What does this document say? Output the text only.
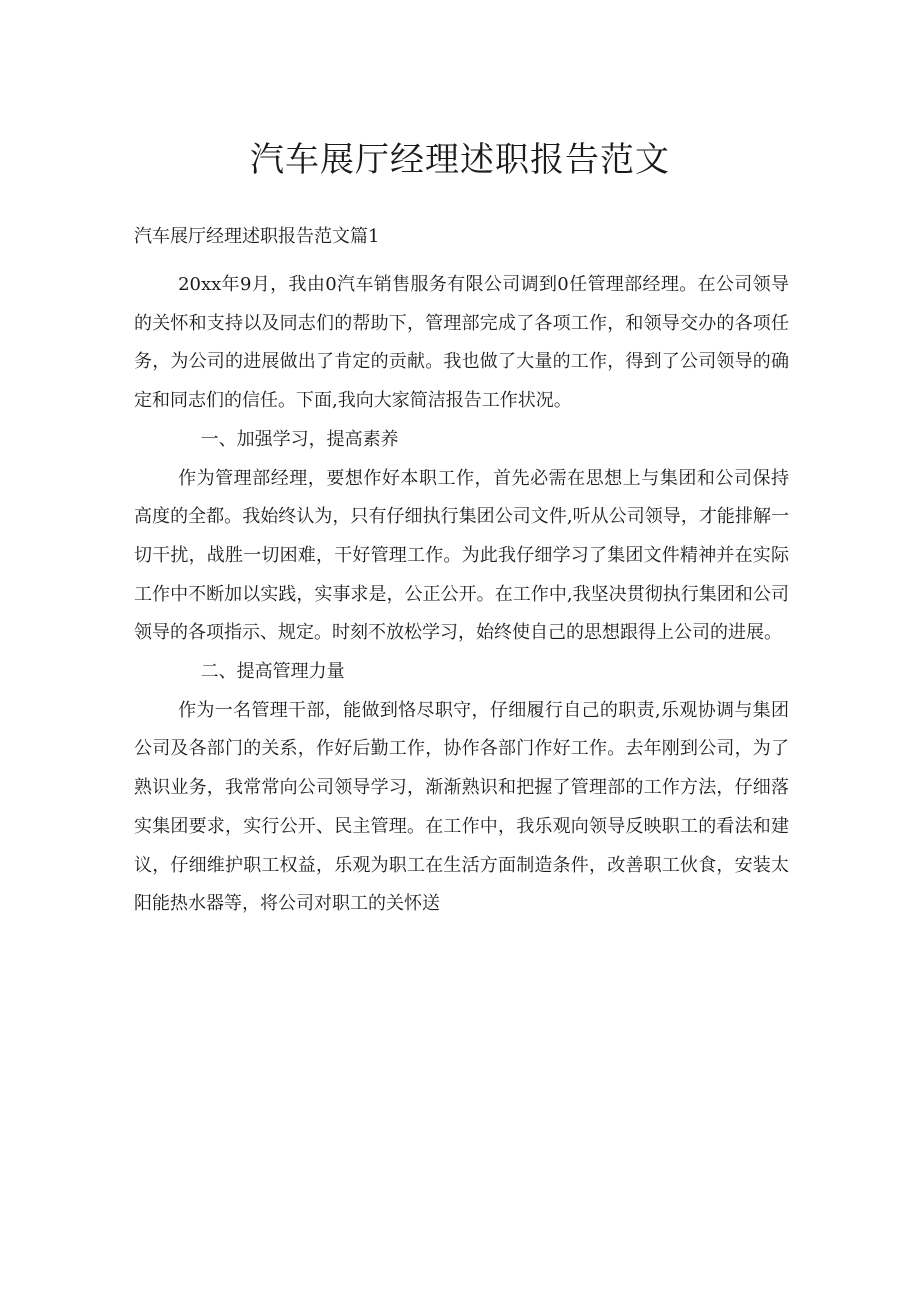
汽车展厅经理述职报告范文

汽车展厅经理述职报告范文篇1

20xx年9月，我由0汽车销售服务有限公司调到0任管理部经理。在公司领导的关怀和支持以及同志们的帮助下，管理部完成了各项工作，和领导交办的各项任务，为公司的进展做出了肯定的贡献。我也做了大量的工作，得到了公司领导的确定和同志们的信任。下面,我向大家简洁报告工作状况。

一、加强学习，提高素养

作为管理部经理，要想作好本职工作，首先必需在思想上与集团和公司保持高度的全都。我始终认为，只有仔细执行集团公司文件,听从公司领导，才能排解一切干扰，战胜一切困难，干好管理工作。为此我仔细学习了集团文件精神并在实际工作中不断加以实践，实事求是，公正公开。在工作中,我坚决贯彻执行集团和公司领导的各项指示、规定。时刻不放松学习，始终使自己的思想跟得上公司的进展。

二、提高管理力量

作为一名管理干部，能做到恪尽职守，仔细履行自己的职责,乐观协调与集团公司及各部门的关系，作好后勤工作，协作各部门作好工作。去年刚到公司，为了熟识业务，我常常向公司领导学习，渐渐熟识和把握了管理部的工作方法，仔细落实集团要求，实行公开、民主管理。在工作中，我乐观向领导反映职工的看法和建议，仔细维护职工权益，乐观为职工在生活方面制造条件，改善职工伙食，安装太阳能热水器等，将公司对职工的关怀送
